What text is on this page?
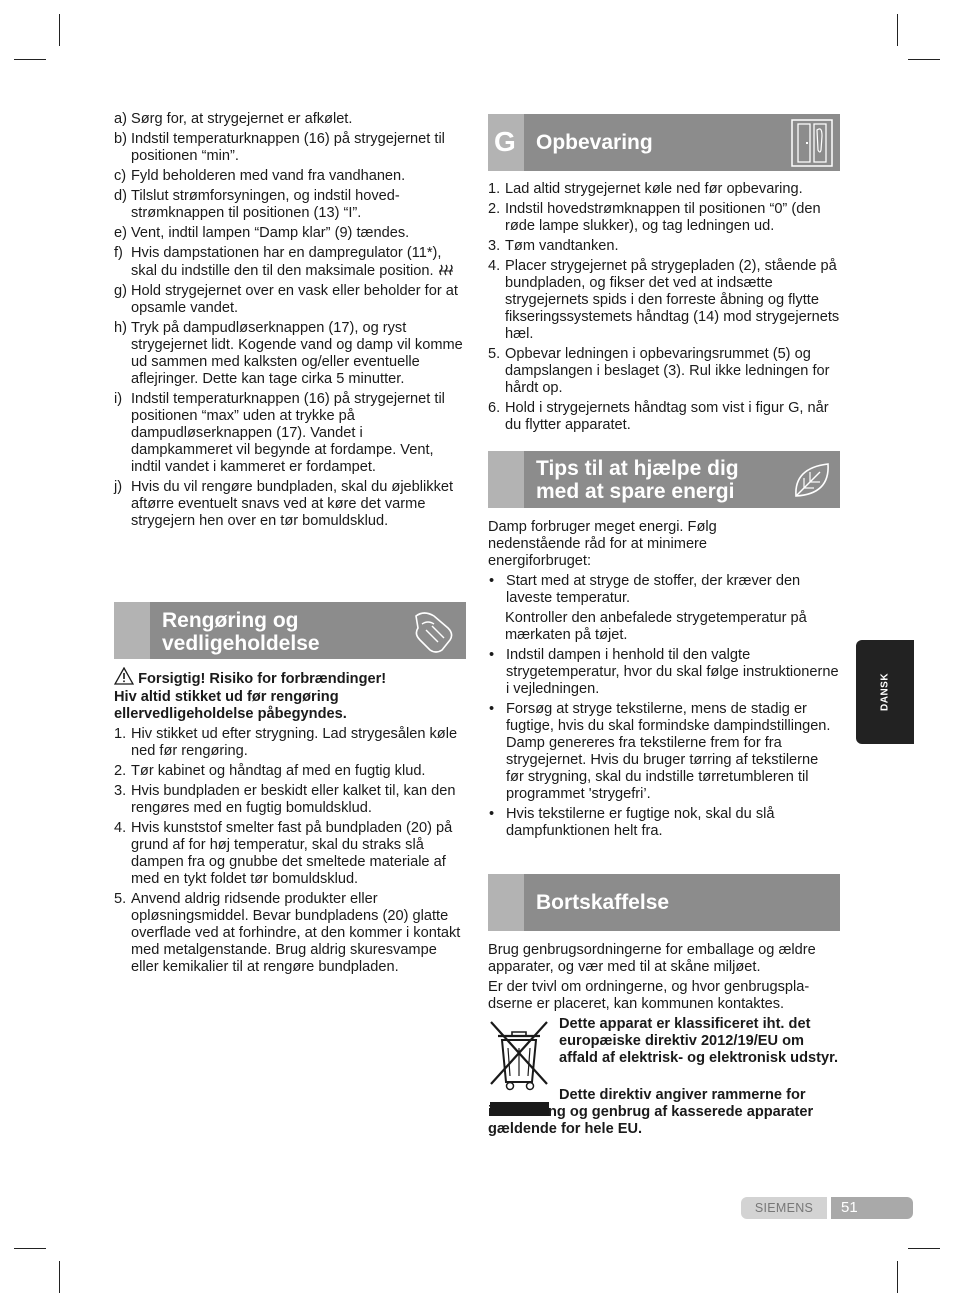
a) Sørg for, at strygejernet er afkølet.
b) Indstil temperaturknappen (16) på strygejernet til positionen “min”.
c) Fyld beholderen med vand fra vandhanen.
d) Tilslut strømforsyningen, og indstil hoved-strømknappen til positionen (13) “I”.
e) Vent, indtil lampen “Damp klar” (9) tændes.
f) Hvis dampstationen har en dampregulator (11*), skal du indstille den til den maksimale position.
g) Hold strygejernet over en vask eller beholder for at opsamle vandet.
h) Tryk på dampudløserknappen (17), og ryst strygejernet lidt. Kogende vand og damp vil komme ud sammen med kalksten og/eller eventuelle aflejringer. Dette kan tage cirka 5 minutter.
i) Indstil temperaturknappen (16) på strygejernet til positionen “max” uden at trykke på dampudløserknappen (17). Vandet i dampkammeret vil begynde at fordampe. Vent, indtil vandet i kammeret er fordampet.
j) Hvis du vil rengøre bundpladen, skal du øjeblikket aftørre eventuelt snavs ved at køre det varme strygejern hen over en tør bomuldsklud.
Rengøring og vedligeholdelse
Forsigtig! Risiko for forbrændinger!
Hiv altid stikket ud før rengøring ellervedligeholdelse påbegyndes.
1. Hiv stikket ud efter strygning. Lad strygesålen køle ned før rengøring.
2. Tør kabinet og håndtag af med en fugtig klud.
3. Hvis bundpladen er beskidt eller kalket til, kan den rengøres med en fugtig bomuldsklud.
4. Hvis kunststof smelter fast på bundpladen (20) på grund af for høj temperatur, skal du straks slå dampen fra og gnubbe det smeltede materiale af med en tykt foldet tør bomuldsklud.
5. Anvend aldrig ridsende produkter eller opløsningsmiddel. Bevar bundpladens (20) glatte overflade ved at forhindre, at den kommer i kontakt med metalgenstande. Brug aldrig skuresvampe eller kemikalier til at rengøre bundpladen.
G Opbevaring
1. Lad altid strygejernet køle ned før opbevaring.
2. Indstil hovedstrømknappen til positionen “0” (den røde lampe slukker), og tag ledningen ud.
3. Tøm vandtanken.
4. Placer strygejernet på strygepladen (2), stående på bundpladen, og fikser det ved at indsætte strygejernets spids i den forreste åbning og flytte fikseringssystemets håndtag (14) mod strygejernets hæl.
5. Opbevar ledningen i opbevaringsrummet (5) og dampslangen i beslaget (3). Rul ikke ledningen for hårdt op.
6. Hold i strygejernets håndtag som vist i figur G, når du flytter apparatet.
Tips til at hjælpe dig med at spare energi

Damp forbruger meget energi. Følg nedenstående råd for at minimere energiforbruget:

• Start med at stryge de stoffer, der kræver den laveste temperatur.
Kontroller den anbefalede strygetemperatur på mærkaten på tøjet.
• Indstil dampen i henhold til den valgte strygetemperatur, hvor du skal følge instruktionerne i vejledningen.
• Forsøg at stryge tekstilerne, mens de stadig er fugtige, hvis du skal formindske dampindstillingen. Damp genereres fra tekstilerne frem for fra strygejernet. Hvis du bruger tørring af tekstilerne før strygning, skal du indstille tørretumbleren til programmet 'strygefri’.
• Hvis tekstilerne er fugtige nok, skal du slå dampfunktionen helt fra.
Bortskaffelse

Brug genbrugsordningerne for emballage og ældre apparater, og vær med til at skåne miljøet.

Er der tvivl om ordningerne, og hvor genbrugspla-dserne er placeret, kan kommunen kontaktes.

Dette apparat er klassificeret iht. det europæiske direktiv 2012/19/EU om affald af elektrisk- og elektronisk udstyr.

Dette direktiv angiver rammerne for indlevering og genbrug af kasserede apparater gældende for hele EU.

DANSK
SIEMENS	51
